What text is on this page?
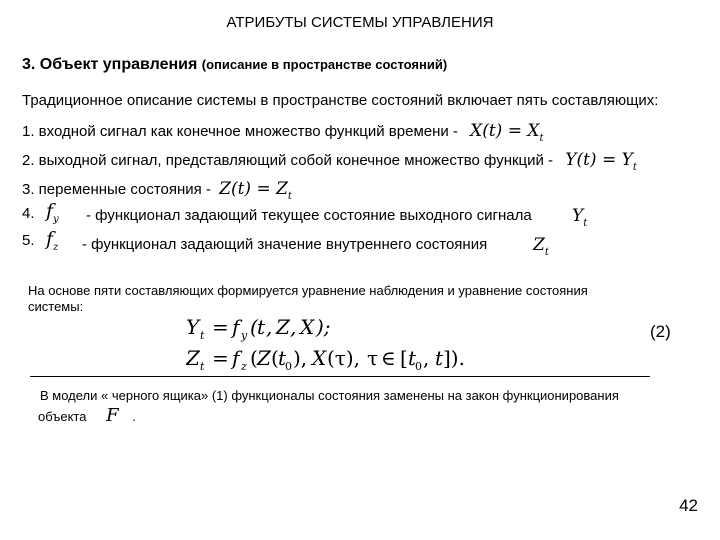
АТРИБУТЫ СИСТЕМЫ УПРАВЛЕНИЯ
3. Объект управления (описание в пространстве состояний)
Традиционное описание системы в пространстве состояний включает пять составляющих:
1. входной сигнал как конечное множество функций времени - $X(t) = X_t$
2. выходной сигнал, представляющий собой конечное множество функций - $Y(t) = Y_t$
3. переменные состояния - $Z(t) = Z_t$
4. $f_y$ - функционал задающий текущее состояние выходного сигнала $Y_t$
5. $f_z$ - функционал задающий значение внутреннего состояния	$Z_t$
На основе пяти составляющих формируется уравнение наблюдения и уравнение состояния
системы:
Y t = f y ( t , Z , X );
Z t = f z ( Z ( t
0 ), X (τ), τ ∈ [ t
0 , t ]).
(2)
В модели « черного ящика» (1) функционалы состояния заменены на закон функционирования
объекта F .
42
